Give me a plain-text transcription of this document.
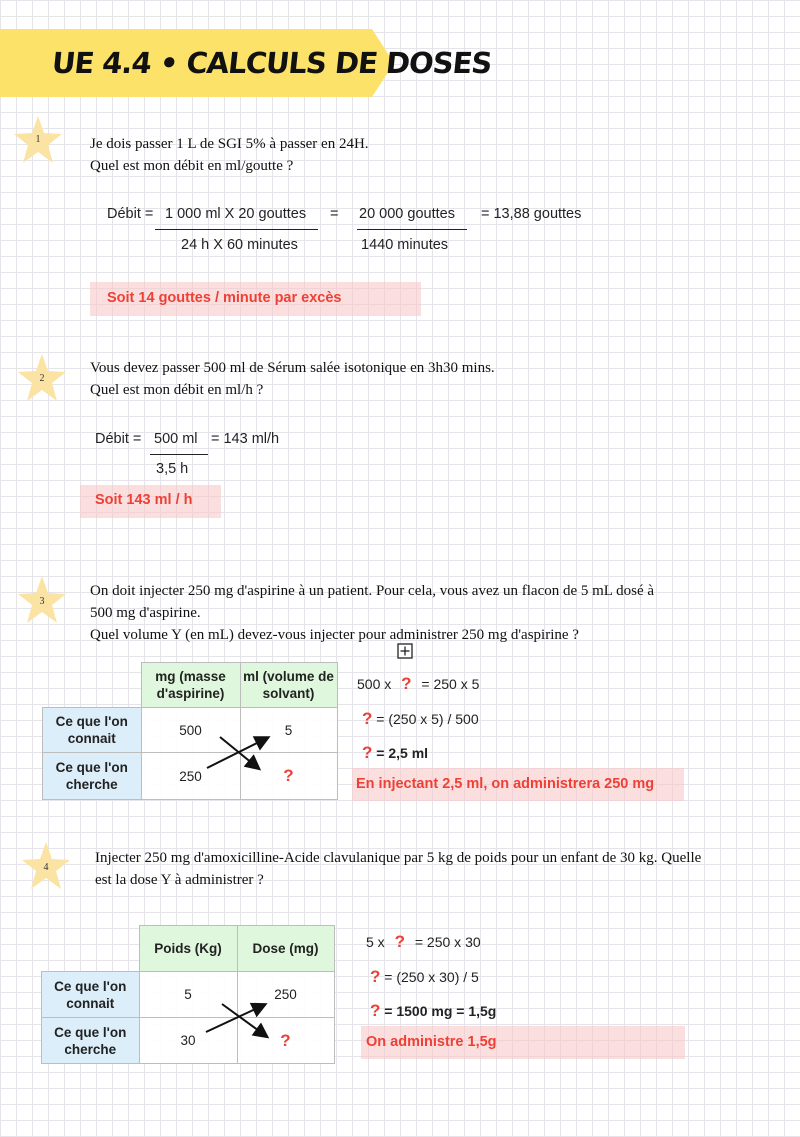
UE 4.4 • CALCULS DE DOSES
1	Je dois passer 1 L de SGI 5% à passer en 24H.
Quel est mon débit en ml/goutte ?
Débit = 1 000 ml X 20 gouttes
24 h X 60 minutes
= 20 000 gouttes
1440 minutes
= 13,88 gouttes
Soit 14 gouttes / minute par excès
2
Vous devez passer 500 ml de Sérum salée isotonique en 3h30 mins.
Quel est mon débit en ml/h ?
Débit = 500 ml
3,5 h
= 143 ml/h
Soit 143 ml / h
3
On doit injecter 250 mg d'aspirine à un patient. Pour cela, vous avez un flacon de 5 mL dosé à
500 mg d'aspirine.
Quel volume Y (en mL) devez-vous injecter pour administrer 250 mg d'aspirine ?
	mg (masse d'aspirine)	ml (volume de solvant)
Ce que l'on connait	500	5
Ce que l'on cherche	250	?
500 x ? = 250 x 5
? = (250 x 5) / 500
? = 2,5 ml
En injectant 2,5 ml, on administrera 250 mg
4
Injecter 250 mg d'amoxicilline-Acide clavulanique par 5 kg de poids pour un enfant de 30 kg. Quelle
est la dose Y à administrer ?
	Poids (Kg)	Dose (mg)
Ce que l'on connait	5	250
Ce que l'on cherche	30	?
5 x ? = 250 x 30
? = (250 x 30) / 5
? = 1500 mg = 1,5g
On administre 1,5g
